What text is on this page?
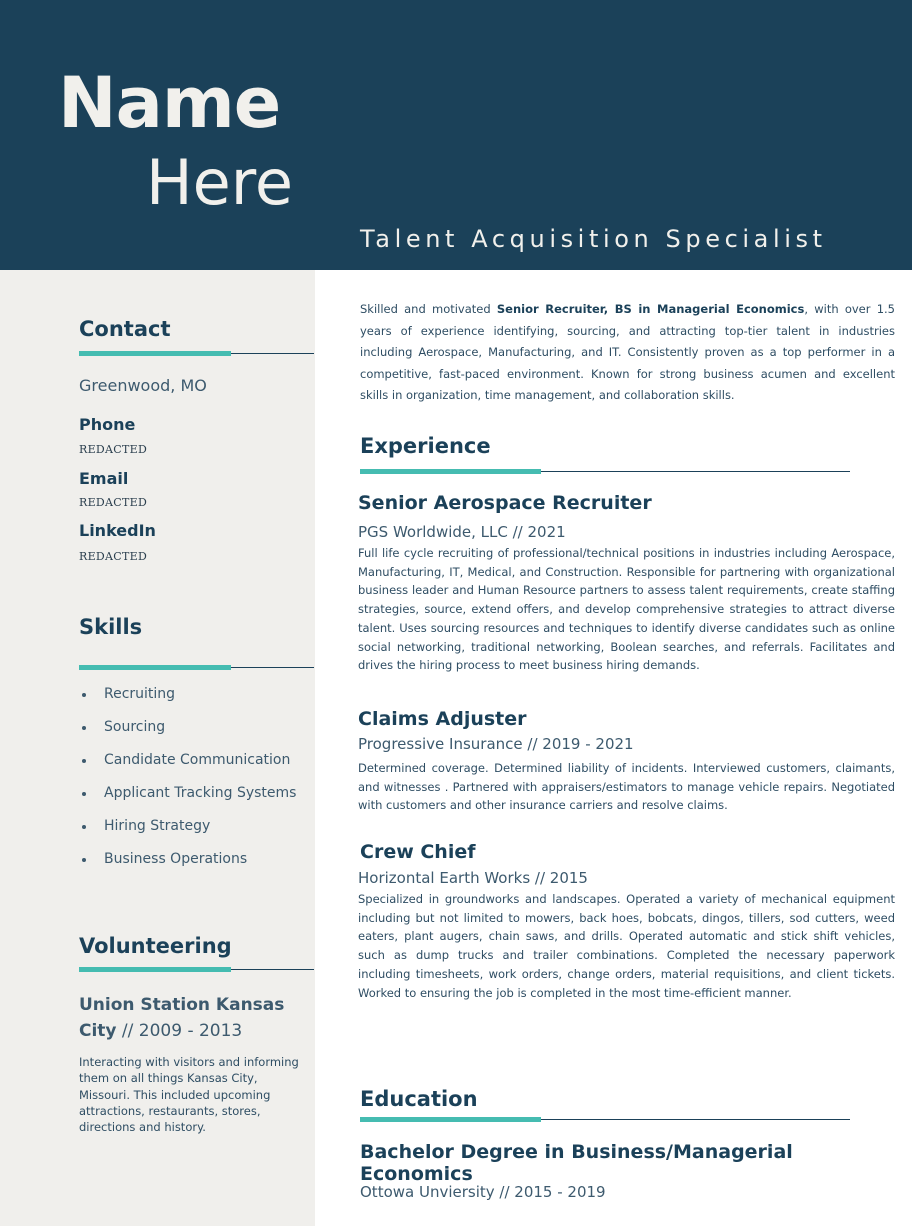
Name
Here
Talent Acquisition Specialist
Contact
Greenwood, MO
Phone
REDACTED
Email
REDACTED
LinkedIn
REDACTED
Skills
Recruiting
Sourcing
Candidate Communication
Applicant Tracking Systems
Hiring Strategy
Business Operations
Volunteering
Union Station Kansas City // 2009 - 2013
Interacting with visitors and informing them on all things Kansas City, Missouri. This included upcoming attractions, restaurants, stores, directions and history.
Skilled and motivated Senior Recruiter, BS in Managerial Economics, with over 1.5 years of experience identifying, sourcing, and attracting top-tier talent in industries including Aerospace, Manufacturing, and IT. Consistently proven as a top performer in a competitive, fast-paced environment. Known for strong business acumen and excellent skills in organization, time management, and collaboration skills.
Experience
Senior Aerospace Recruiter
PGS Worldwide, LLC // 2021
Full life cycle recruiting of professional/technical positions in industries including Aerospace, Manufacturing, IT, Medical, and Construction. Responsible for partnering with organizational business leader and Human Resource partners to assess talent requirements, create staffing strategies, source, extend offers, and develop comprehensive strategies to attract diverse talent. Uses sourcing resources and techniques to identify diverse candidates such as online social networking, traditional networking, Boolean searches, and referrals. Facilitates and drives the hiring process to meet business hiring demands.
Claims Adjuster
Progressive Insurance // 2019 - 2021
Determined coverage. Determined liability of incidents. Interviewed customers, claimants, and witnesses . Partnered with appraisers/estimators to manage vehicle repairs. Negotiated with customers and other insurance carriers and resolve claims.
Crew Chief
Horizontal Earth Works // 2015
Specialized in groundworks and landscapes. Operated a variety of mechanical equipment including but not limited to mowers, back hoes, bobcats, dingos, tillers, sod cutters, weed eaters, plant augers, chain saws, and drills. Operated automatic and stick shift vehicles, such as dump trucks and trailer combinations. Completed the necessary paperwork including timesheets, work orders, change orders, material requisitions, and client tickets. Worked to ensuring the job is completed in the most time-efficient manner.
Education
Bachelor Degree in Business/Managerial Economics
Ottowa Unviersity // 2015 - 2019
